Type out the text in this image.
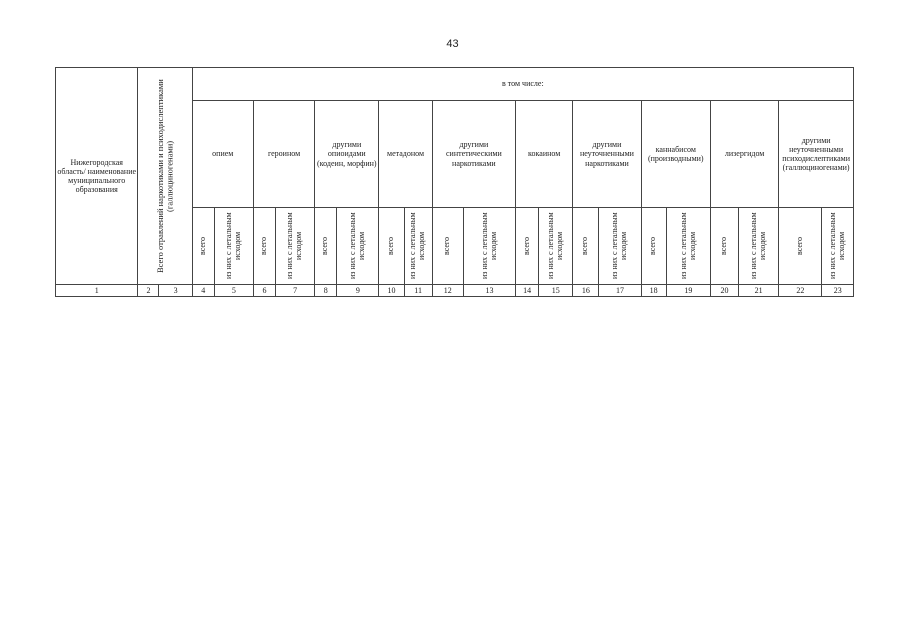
43
Нижегородская область/ наименование муниципального образования	Всего отравлений наркотиками и психодислептиками (галлюциногенами)		в том числе:																			
			опием		героином		другими опиоидами (кодеин, морфин)		метадоном		другими синтетическими наркотиками		кокаином		другими неуточненными наркотиками		каннабисом (производными)		лизергидом		другими неуточненными психодислептиками (галлюциногенами)	

			всего	из них с летальным исходом	всего	из них с летальным исходом	всего	из них с летальным исходом	всего	из них с летальным исходом	всего	из них с летальным исходом	всего	из них с летальным исходом	всего	из них с летальным исходом	всего	из них с летальным исходом	всего	из них с летальным исходом	всего	из них с летальным исходом

1	2	3	4	5	6	7	8	9	10	11	12	13	14	15	16	17	18	19	20	21	22	23
